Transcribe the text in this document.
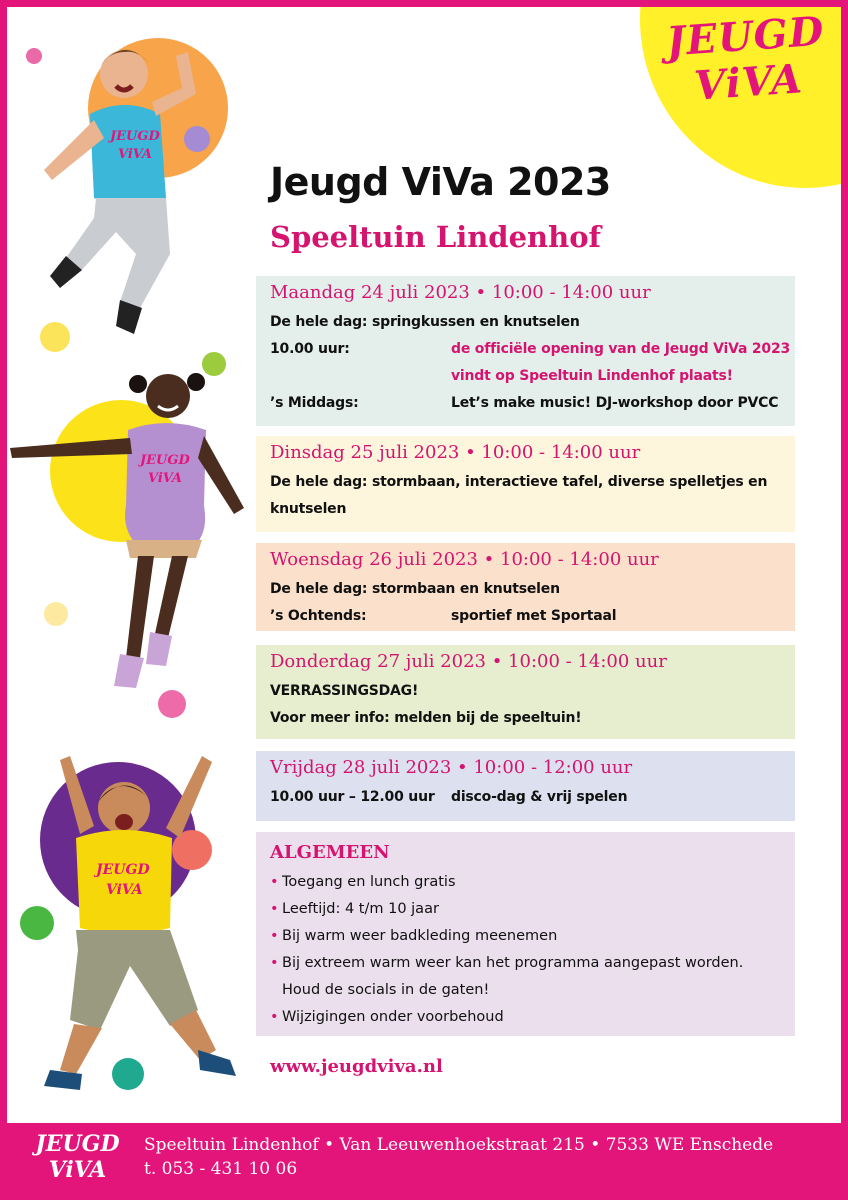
JEUGD
ViVA
JEUGD
ViVA
JEUGD
ViVA
JEUGD
ViVA
Jeugd ViVa 2023
Speeltuin Lindenhof
Maandag 24 juli 2023 • 10:00 - 14:00 uur
De hele dag: springkussen en knutselen
10.00 uur:	de officiële opening van de Jeugd ViVa 2023
vindt op Speeltuin Lindenhof plaats!
’s Middags:	Let’s make music! DJ-workshop door PVCC
Dinsdag 25 juli 2023 • 10:00 - 14:00 uur
De hele dag: stormbaan, interactieve tafel, diverse spelletjes en
knutselen
Woensdag 26 juli 2023 • 10:00 - 14:00 uur
De hele dag: stormbaan en knutselen
’s Ochtends:	sportief met Sportaal
Donderdag 27 juli 2023 • 10:00 - 14:00 uur
VERRASSINGSDAG!
Voor meer info: melden bij de speeltuin!
Vrijdag 28 juli 2023 • 10:00 - 12:00 uur
10.00 uur – 12.00 uur disco-dag & vrij spelen
ALGEMEEN
• Toegang en lunch gratis
• Leeftijd: 4 t/m 10 jaar
• Bij warm weer badkleding meenemen
• Bij extreem warm weer kan het programma aangepast worden.
Houd de socials in de gaten!
• Wijzigingen onder voorbehoud
www.jeugdviva.nl
JEUGD
ViVA
Speeltuin Lindenhof • Van Leeuwenhoekstraat 215 • 7533 WE Enschede
t. 053 - 431 10 06
